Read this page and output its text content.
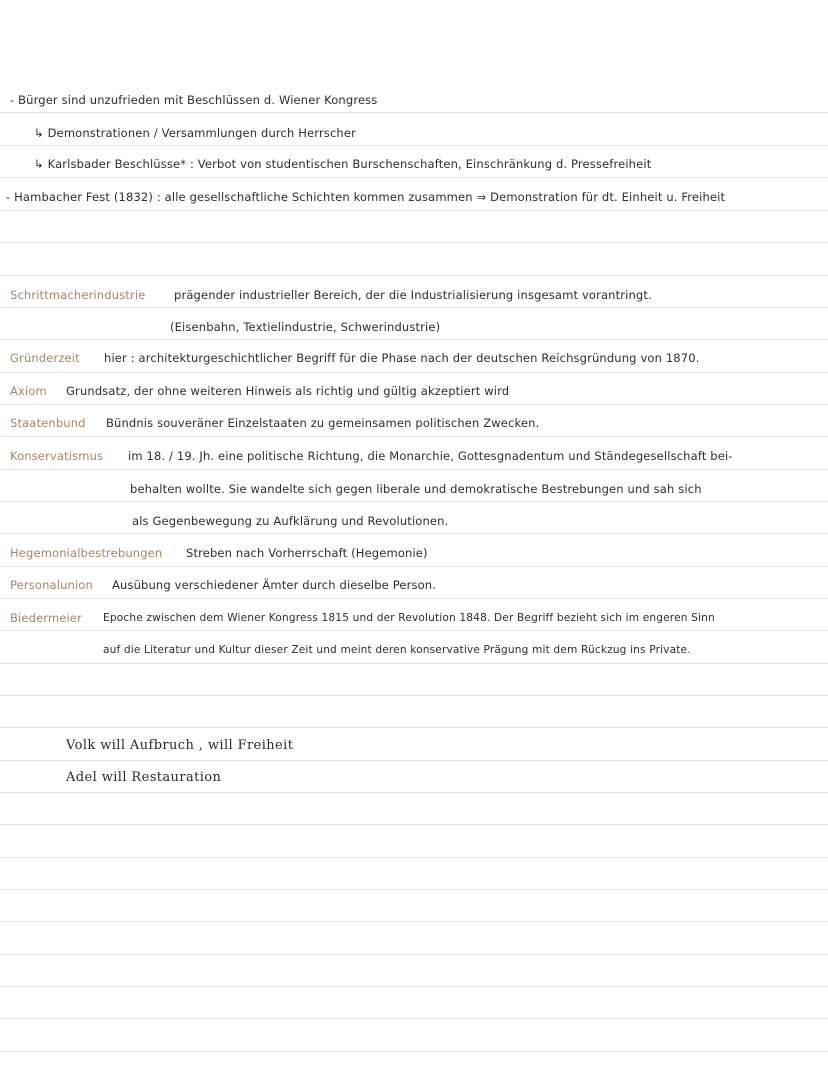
- Bürger sind unzufrieden mit Beschlüssen d. Wiener Kongress
↳ Demonstrationen / Versammlungen durch Herrscher
↳ Karlsbader Beschlüsse* : Verbot von studentischen Burschenschaften, Einschränkung d. Pressefreiheit
- Hambacher Fest (1832) : alle gesellschaftliche Schichten kommen zusammen ⇒ Demonstration für dt. Einheit u. Freiheit
Schrittmacherindustrie prägender industrieller Bereich, der die Industrialisierung insgesamt vorantringt.
(Eisenbahn, Textielindustrie, Schwerindustrie)
Gründerzeit hier : architekturgeschichtlicher Begriff für die Phase nach der deutschen Reichsgründung von 1870.
Axiom Grundsatz, der ohne weiteren Hinweis als richtig und gültig akzeptiert wird
Staatenbund Bündnis souveräner Einzelstaaten zu gemeinsamen politischen Zwecken.
Konservatismus im 18. / 19. Jh. eine politische Richtung, die Monarchie, Gottesgnadentum und Ständegesellschaft bei-
behalten wollte. Sie wandelte sich gegen liberale und demokratische Bestrebungen und sah sich
als Gegenbewegung zu Aufklärung und Revolutionen.
Hegemonialbestrebungen Streben nach Vorherrschaft (Hegemonie)
Personalunion Ausübung verschiedener Ämter durch dieselbe Person.
Biedermeier Epoche zwischen dem Wiener Kongress 1815 und der Revolution 1848. Der Begriff bezieht sich im engeren Sinn
auf die Literatur und Kultur dieser Zeit und meint deren konservative Prägung mit dem Rückzug ins Private.
Volk will Aufbruch , will Freiheit
Adel will Restauration
